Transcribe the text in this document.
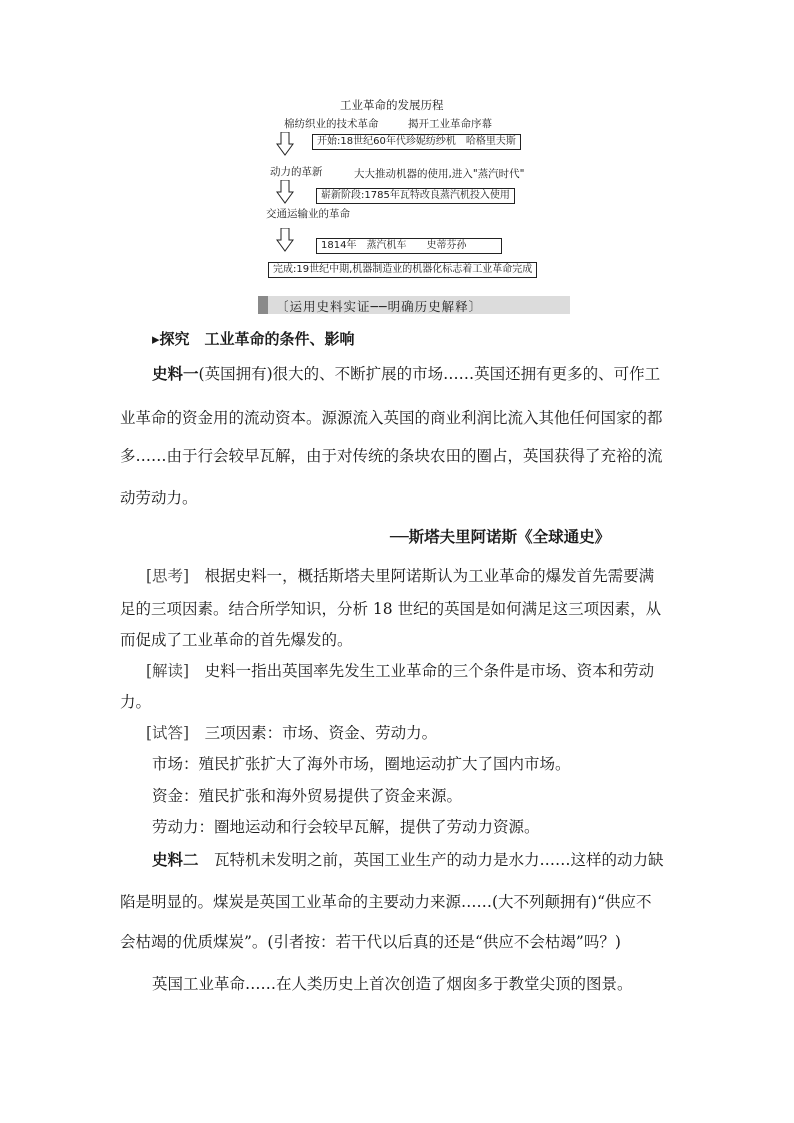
工业革命的发展历程
棉纺织业的技术革命	揭开工业革命序幕
开始:18世纪60年代珍妮纺纱机　哈格里夫斯
动力的革新	大大推动机器的使用,进入"蒸汽时代"
崭新阶段:1785年瓦特改良蒸汽机投入使用
交通运输业的革命
1814年　蒸汽机车　　史蒂芬孙
完成:19世纪中期,机器制造业的机器化标志着工业革命完成
〔运用史料实证──明确历史解释〕
▸探究　工业革命的条件、影响
史料一(英国拥有)很大的、不断扩展的市场……英国还拥有更多的、可作工
业革命的资金用的流动资本。源源流入英国的商业利润比流入其他任何国家的都
多……由于行会较早瓦解，由于对传统的条块农田的圈占，英国获得了充裕的流
动劳动力。
──斯塔夫里阿诺斯《全球通史》
[思考]　 根据史料一，概括斯塔夫里阿诺斯认为工业革命的爆发首先需要满
足的三项因素。结合所学知识，分析 18 世纪的英国是如何满足这三项因素，从
而促成了工业革命的首先爆发的。
[解读]　 史料一指出英国率先发生工业革命的三个条件是市场、资本和劳动
力。
[试答]　 三项因素：市场、资金、劳动力。
市场：殖民扩张扩大了海外市场，圈地运动扩大了国内市场。
资金：殖民扩张和海外贸易提供了资金来源。
劳动力：圈地运动和行会较早瓦解，提供了劳动力资源。
史料二　 瓦特机未发明之前，英国工业生产的动力是水力……这样的动力缺
陷是明显的。煤炭是英国工业革命的主要动力来源……(大不列颠拥有)“供应不
会枯竭的优质煤炭”。(引者按：若干代以后真的还是“供应不会枯竭”吗？)
英国工业革命……在人类历史上首次创造了烟囱多于教堂尖顶的图景。
